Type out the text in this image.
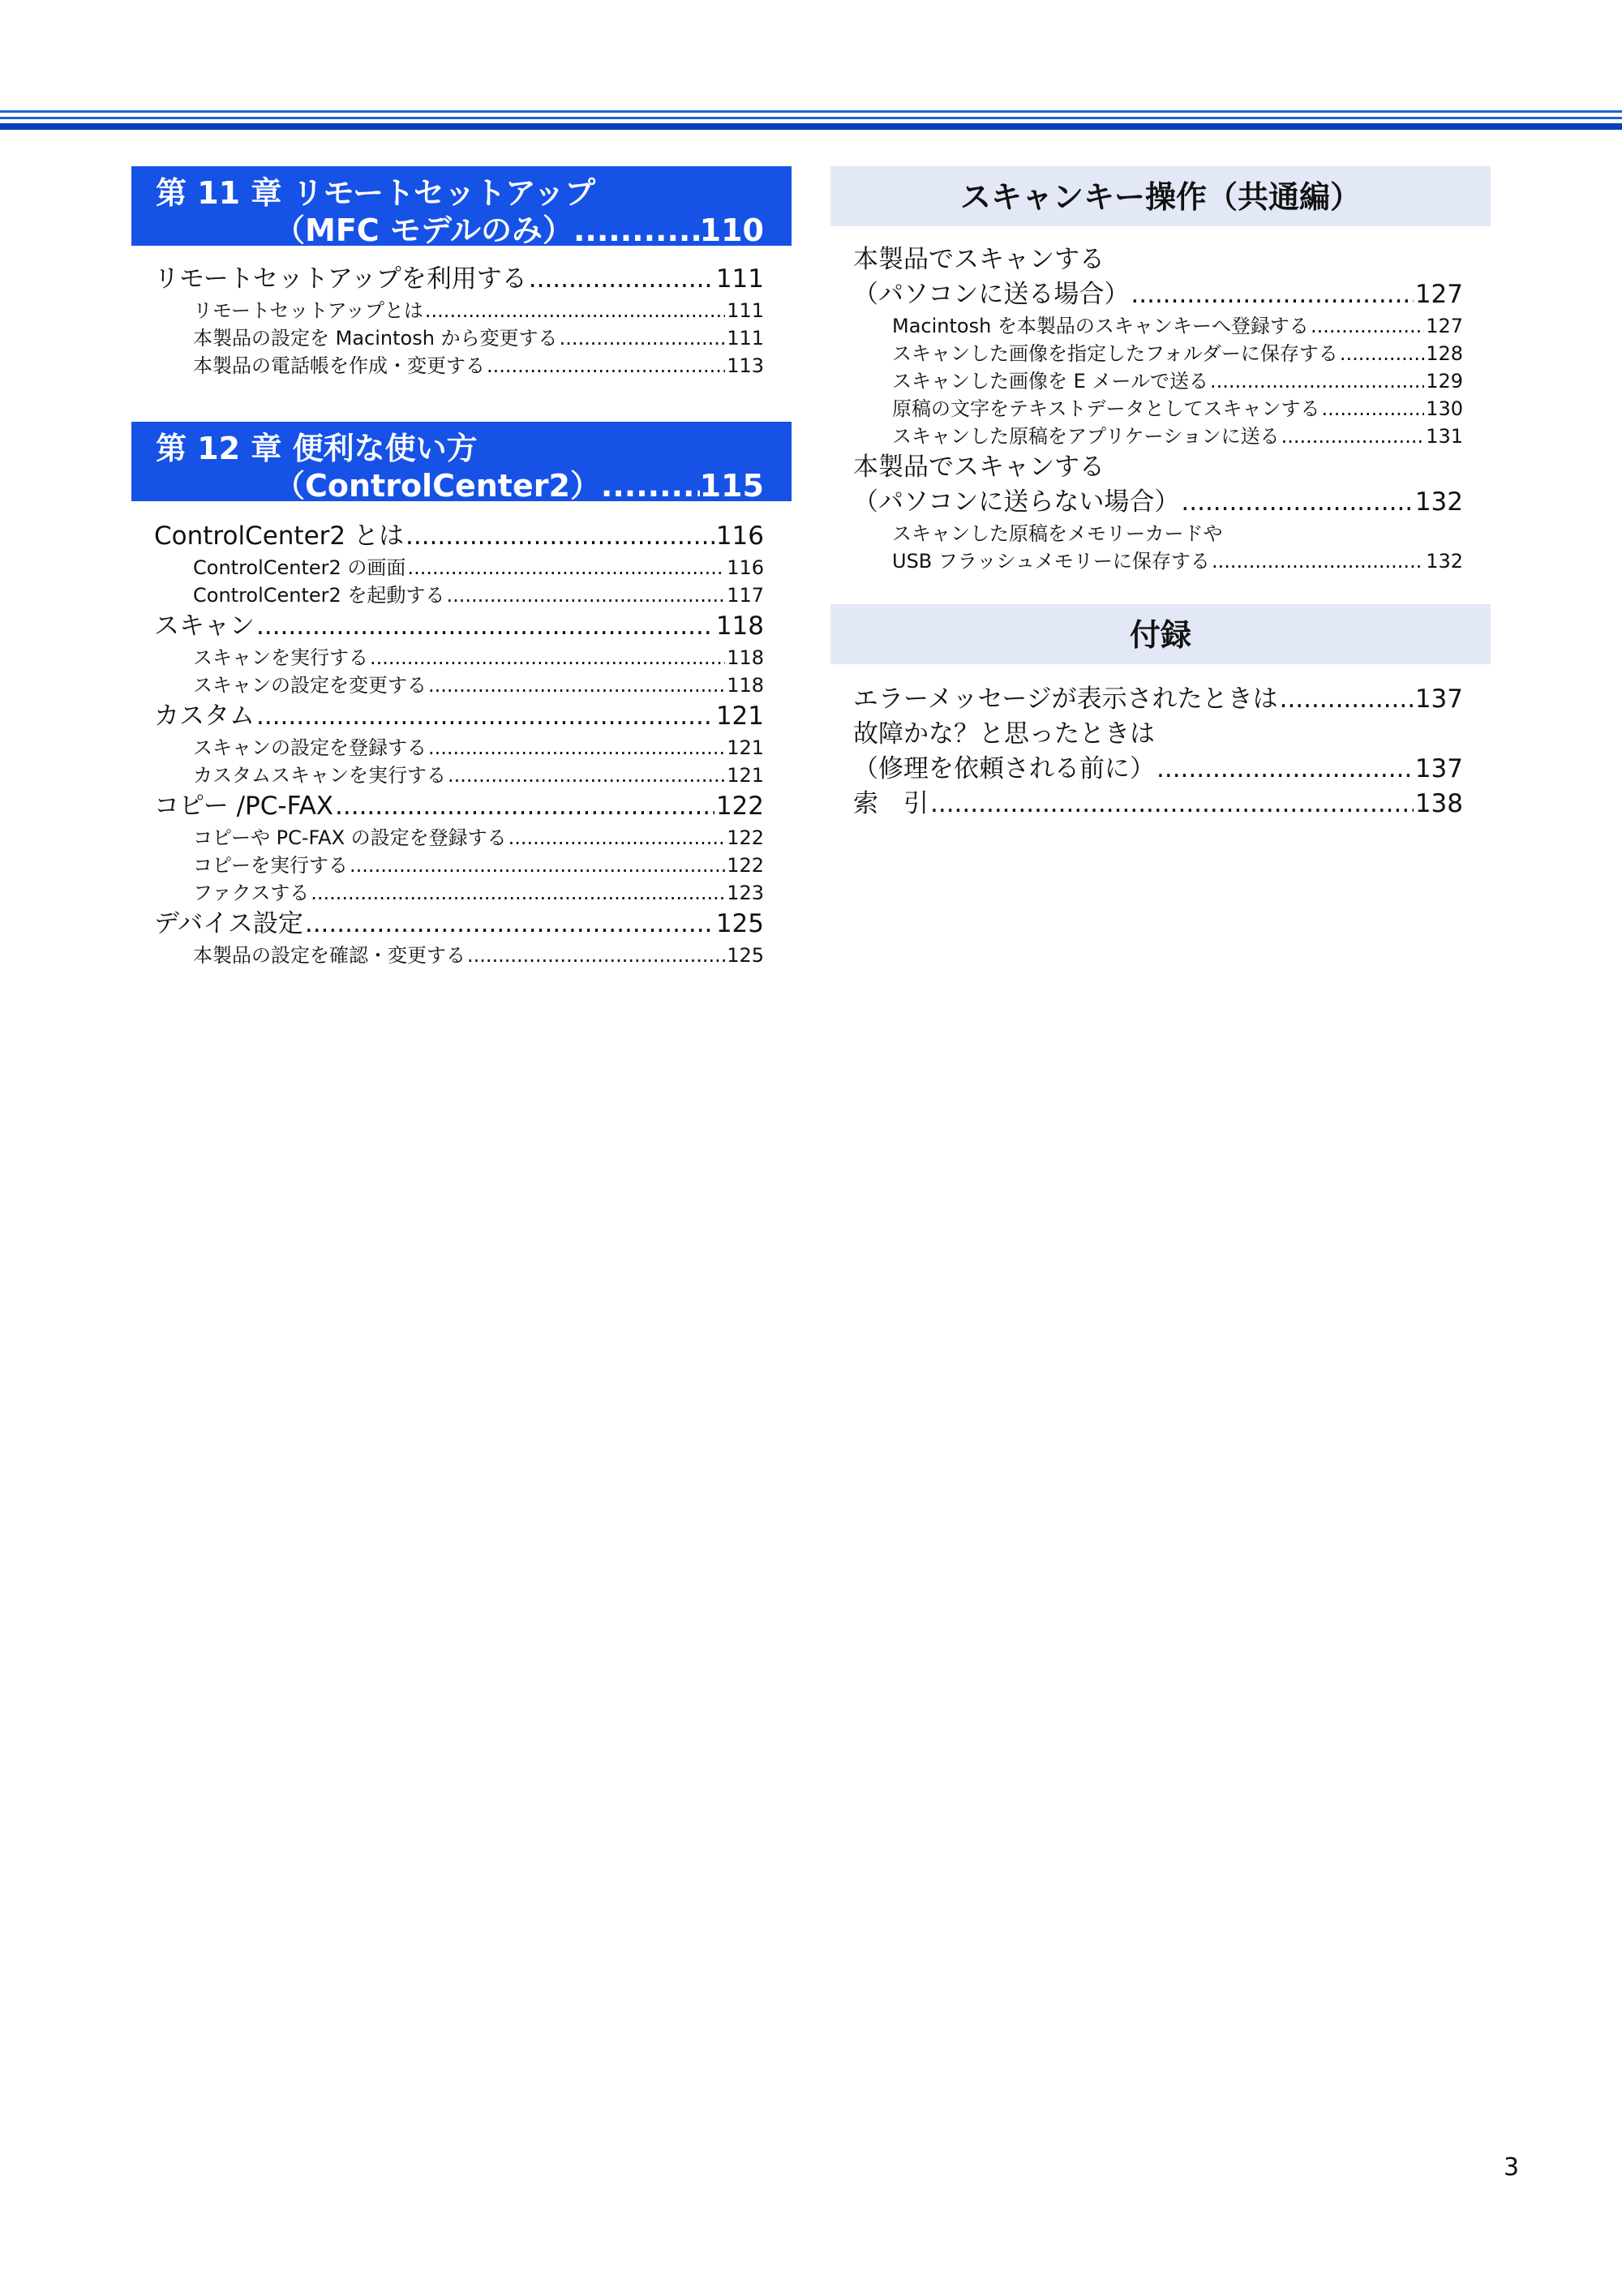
第 11 章 リモートセットアップ
（MFC モデルのみ） .....	110
リモートセットアップを利用する .....	111
リモートセットアップとは .....	111
本製品の設定を Macintosh から変更する .....	111
本製品の電話帳を作成・変更する .....	113
第 12 章 便利な使い方
（ControlCenter2） .....	115
ControlCenter2 とは .....	116
ControlCenter2 の画面 .....	116
ControlCenter2 を起動する .....	117
スキャン .....	118
スキャンを実行する .....	118
スキャンの設定を変更する .....	118
カスタム .....	121
スキャンの設定を登録する .....	121
カスタムスキャンを実行する .....	121
コピー /PC-FAX .....	122
コピーや PC-FAX の設定を登録する .....	122
コピーを実行する .....	122
ファクスする .....	123
デバイス設定 .....	125
本製品の設定を確認・変更する .....	125
スキャンキー操作（共通編）
本製品でスキャンする
（パソコンに送る場合） .....	127
Macintosh を本製品のスキャンキーへ登録する .....	127
スキャンした画像を指定したフォルダーに保存する .....	128
スキャンした画像を E メールで送る .....	129
原稿の文字をテキストデータとしてスキャンする .....	130
スキャンした原稿をアプリケーションに送る .....	131
本製品でスキャンする
（パソコンに送らない場合） .....	132
スキャンした原稿をメモリーカードや
USB フラッシュメモリーに保存する .....	132
付録
エラーメッセージが表示されたときは .....	137
故障かな？と思ったときは
（修理を依頼される前に） .....	137
索　引 .....	138
3
